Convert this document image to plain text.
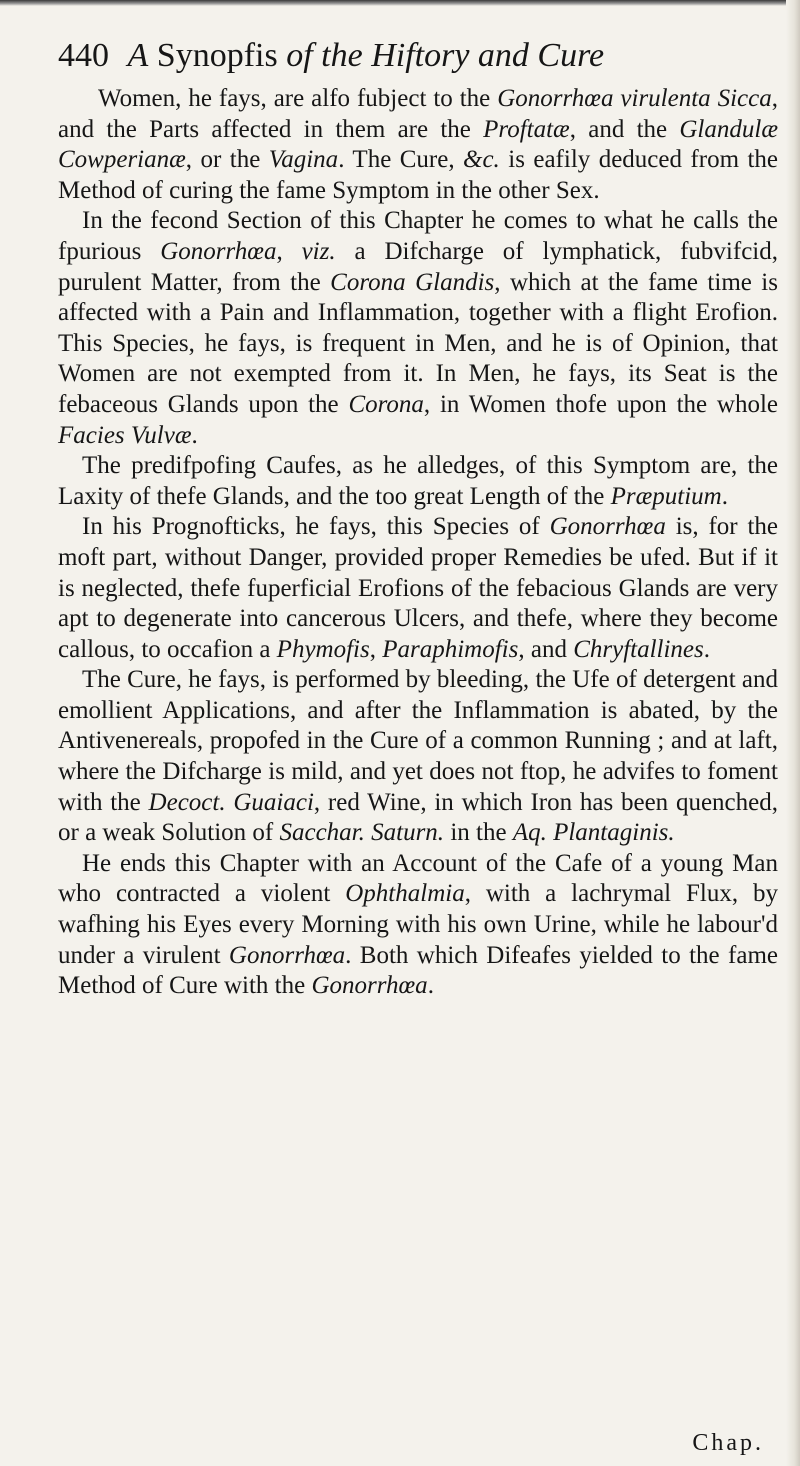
440 A Synopfis of the Hiftory and Cure

Women, he fays, are alfo fubject to the Gonorrhœa virulenta Sicca, and the Parts affected in them are the Proftatæ, and the Glandulæ Cowperianæ, or the Vagina. The Cure, &c. is eafily deduced from the Method of curing the fame Symptom in the other Sex.

In the fecond Section of this Chapter he comes to what he calls the fpurious Gonorrhœa, viz. a Difcharge of lymphatick, fubvifcid, purulent Matter, from the Corona Glandis, which at the fame time is affected with a Pain and Inflammation, together with a flight Erofion. This Species, he fays, is frequent in Men, and he is of Opinion, that Women are not exempted from it. In Men, he fays, its Seat is the febaceous Glands upon the Corona, in Women thofe upon the whole Facies Vulvæ.

The predifpofing Caufes, as he alledges, of this Symptom are, the Laxity of thefe Glands, and the too great Length of the Præputium.

In his Prognofticks, he fays, this Species of Gonorrhœa is, for the moft part, without Danger, provided proper Remedies be ufed. But if it is neglected, thefe fuperficial Erofions of the febacious Glands are very apt to degenerate into cancerous Ulcers, and thefe, where they become callous, to occafion a Phymofis, Paraphimofis, and Chryftallines.

The Cure, he fays, is performed by bleeding, the Ufe of detergent and emollient Applications, and after the Inflammation is abated, by the Antivenereals, propofed in the Cure of a common Running ; and at laft, where the Difcharge is mild, and yet does not ftop, he advifes to foment with the Decoct. Guaiaci, red Wine, in which Iron has been quenched, or a weak Solution of Sacchar. Saturn. in the Aq. Plantaginis.

He ends this Chapter with an Account of the Cafe of a young Man who contracted a violent Ophthalmia, with a lachrymal Flux, by wafhing his Eyes every Morning with his own Urine, while he labour'd under a virulent Gonorrhœa. Both which Difeafes yielded to the fame Method of Cure with the Gonorrhœa.

Chap.
